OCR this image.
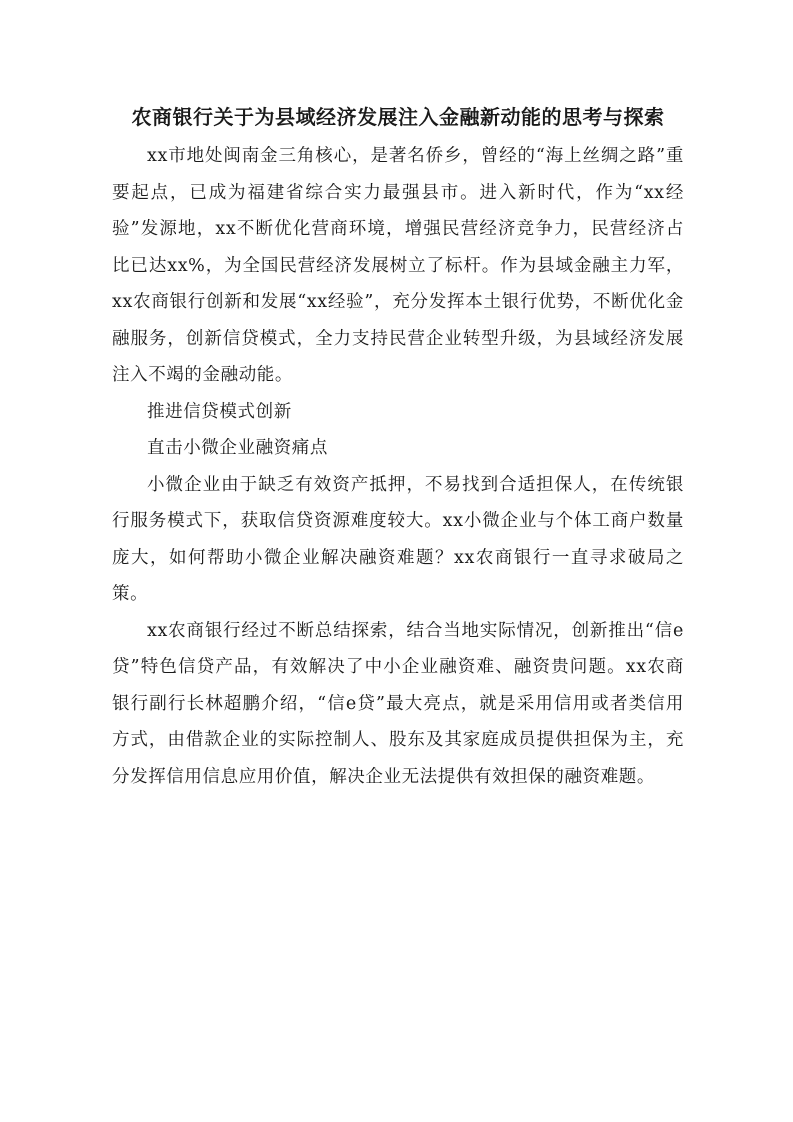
农商银行关于为县域经济发展注入金融新动能的思考与探索

xx市地处闽南金三角核心，是著名侨乡，曾经的“海上丝绸之路”重要起点，已成为福建省综合实力最强县市。进入新时代，作为“xx经验”发源地，xx不断优化营商环境，增强民营经济竞争力，民营经济占比已达xx%，为全国民营经济发展树立了标杆。作为县域金融主力军，xx农商银行创新和发展“xx经验”，充分发挥本土银行优势，不断优化金融服务，创新信贷模式，全力支持民营企业转型升级，为县域经济发展注入不竭的金融动能。

推进信贷模式创新

直击小微企业融资痛点

小微企业由于缺乏有效资产抵押，不易找到合适担保人，在传统银行服务模式下，获取信贷资源难度较大。xx小微企业与个体工商户数量庞大，如何帮助小微企业解决融资难题？xx农商银行一直寻求破局之策。

xx农商银行经过不断总结探索，结合当地实际情况，创新推出“信e贷”特色信贷产品，有效解决了中小企业融资难、融资贵问题。xx农商银行副行长林超鹏介绍，“信e贷”最大亮点，就是采用信用或者类信用方式，由借款企业的实际控制人、股东及其家庭成员提供担保为主，充分发挥信用信息应用价值，解决企业无法提供有效担保的融资难题。
